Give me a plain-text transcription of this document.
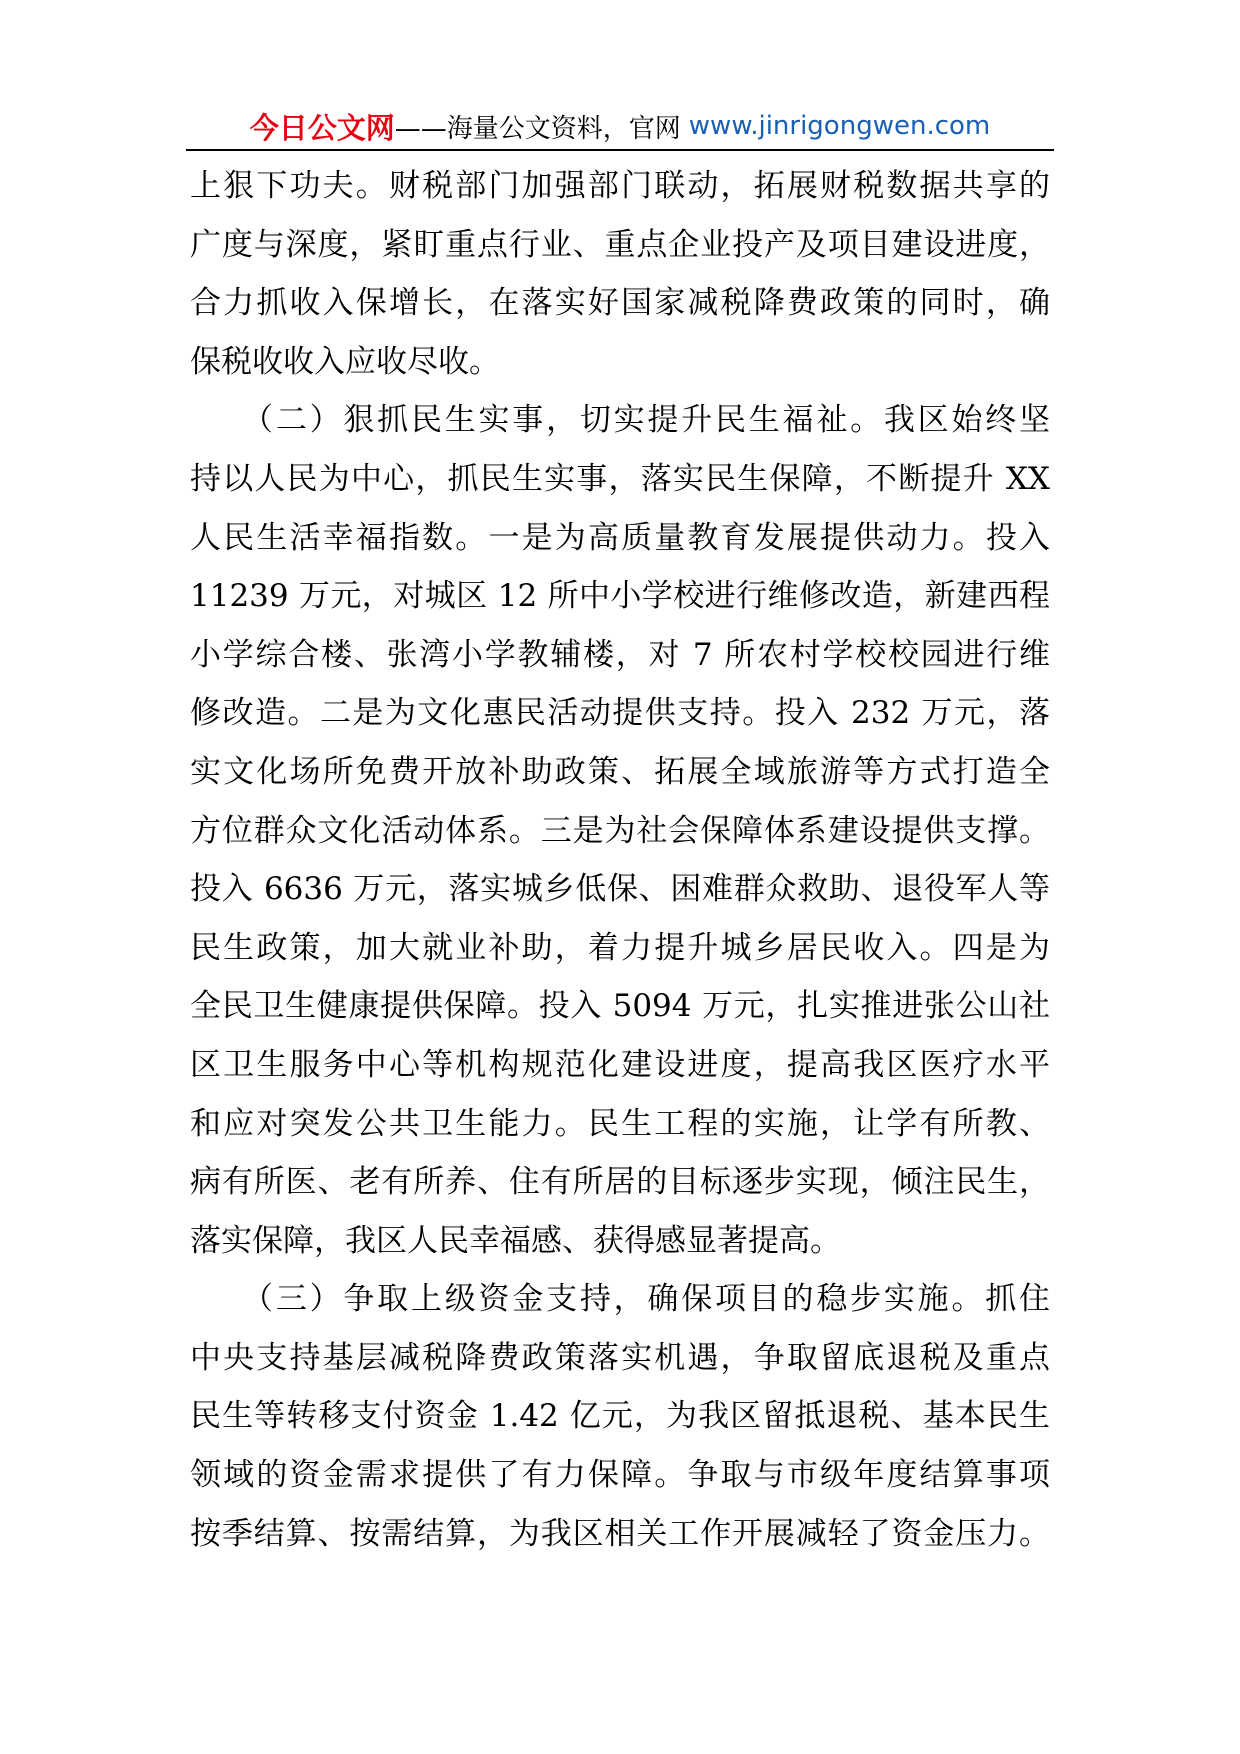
今日公文网 ——海量公文资料，官网 www.jinrigongwen.com
上狠下功夫。财税部门加强部门联动，拓展财税数据共享的
广度与深度，紧盯重点行业、重点企业投产及项目建设进度，
合力抓收入保增长，在落实好国家减税降费政策的同时，确
保税收收入应收尽收。
　　（二）狠抓民生实事，切实提升民生福祉。我区始终坚
持以人民为中心，抓民生实事，落实民生保障，不断提升 XX
人民生活幸福指数。一是为高质量教育发展提供动力。投入
11239 万元，对城区 12 所中小学校进行维修改造，新建西程
小学综合楼、张湾小学教辅楼，对 7 所农村学校校园进行维
修改造。二是为文化惠民活动提供支持。投入 232 万元，落
实文化场所免费开放补助政策、拓展全域旅游等方式打造全
方位群众文化活动体系。三是为社会保障体系建设提供支撑。
投入 6636 万元，落实城乡低保、困难群众救助、退役军人等
民生政策，加大就业补助，着力提升城乡居民收入。四是为
全民卫生健康提供保障。投入 5094 万元，扎实推进张公山社
区卫生服务中心等机构规范化建设进度，提高我区医疗水平
和应对突发公共卫生能力。民生工程的实施，让学有所教、
病有所医、老有所养、住有所居的目标逐步实现，倾注民生，
落实保障，我区人民幸福感、获得感显著提高。
　　（三）争取上级资金支持，确保项目的稳步实施。抓住
中央支持基层减税降费政策落实机遇，争取留底退税及重点
民生等转移支付资金 1.42 亿元，为我区留抵退税、基本民生
领域的资金需求提供了有力保障。争取与市级年度结算事项
按季结算、按需结算，为我区相关工作开展减轻了资金压力。
